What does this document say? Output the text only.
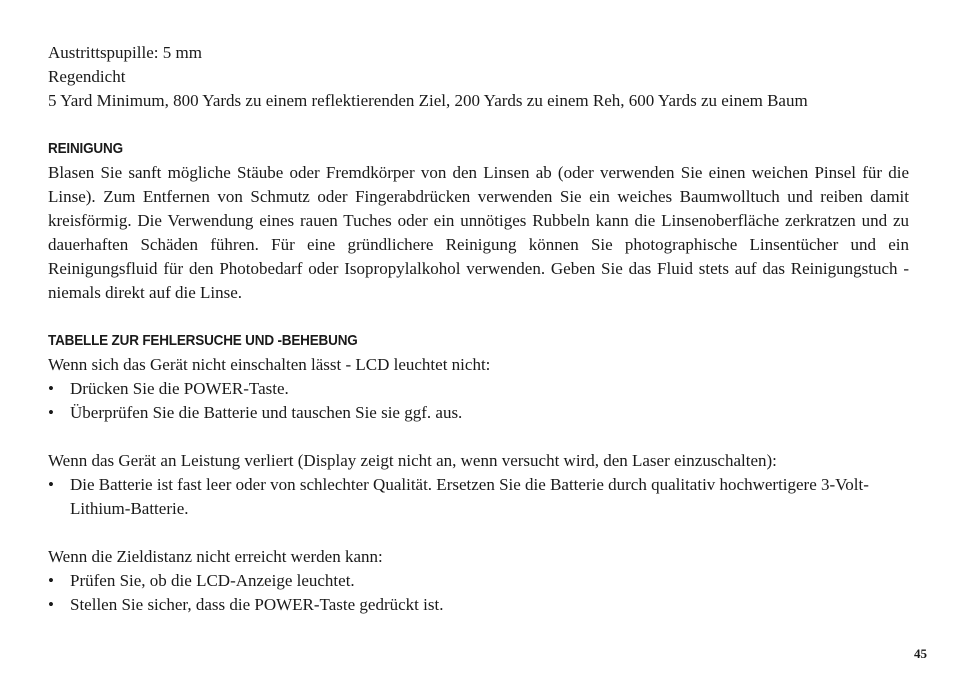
Austrittspupille: 5 mm
Regendicht
5 Yard Minimum, 800 Yards zu einem reflektierenden Ziel, 200 Yards zu einem Reh, 600 Yards zu einem Baum
REINIGUNG

Blasen Sie sanft mögliche Stäube oder Fremdkörper von den Linsen ab (oder verwenden Sie einen weichen Pinsel für die Linse). Zum Entfernen von Schmutz oder Fingerabdrücken verwenden Sie ein weiches Baumwolltuch und reiben damit kreisförmig. Die Verwendung eines rauen Tuches oder ein unnötiges Rubbeln kann die Linsenoberfläche zerkratzen und zu dauerhaften Schäden führen. Für eine gründlichere Reinigung können Sie photographische Linsentücher und ein Reinigungsfluid für den Photobedarf oder Isopropylalkohol verwenden. Geben Sie das Fluid stets auf das Reinigungstuch - niemals direkt auf die Linse.

TABELLE ZUR FEHLERSUCHE UND -BEHEBUNG
Wenn sich das Gerät nicht einschalten lässt - LCD leuchtet nicht:
• Drücken Sie die POWER-Taste.
• Überprüfen Sie die Batterie und tauschen Sie sie ggf. aus.
Wenn das Gerät an Leistung verliert (Display zeigt nicht an, wenn versucht wird, den Laser einzuschalten):
• Die Batterie ist fast leer oder von schlechter Qualität. Ersetzen Sie die Batterie durch qualitativ hochwertigere 3-Volt-Lithium-Batterie.
Wenn die Zieldistanz nicht erreicht werden kann:
• Prüfen Sie, ob die LCD-Anzeige leuchtet.
• Stellen Sie sicher, dass die POWER-Taste gedrückt ist.
45
